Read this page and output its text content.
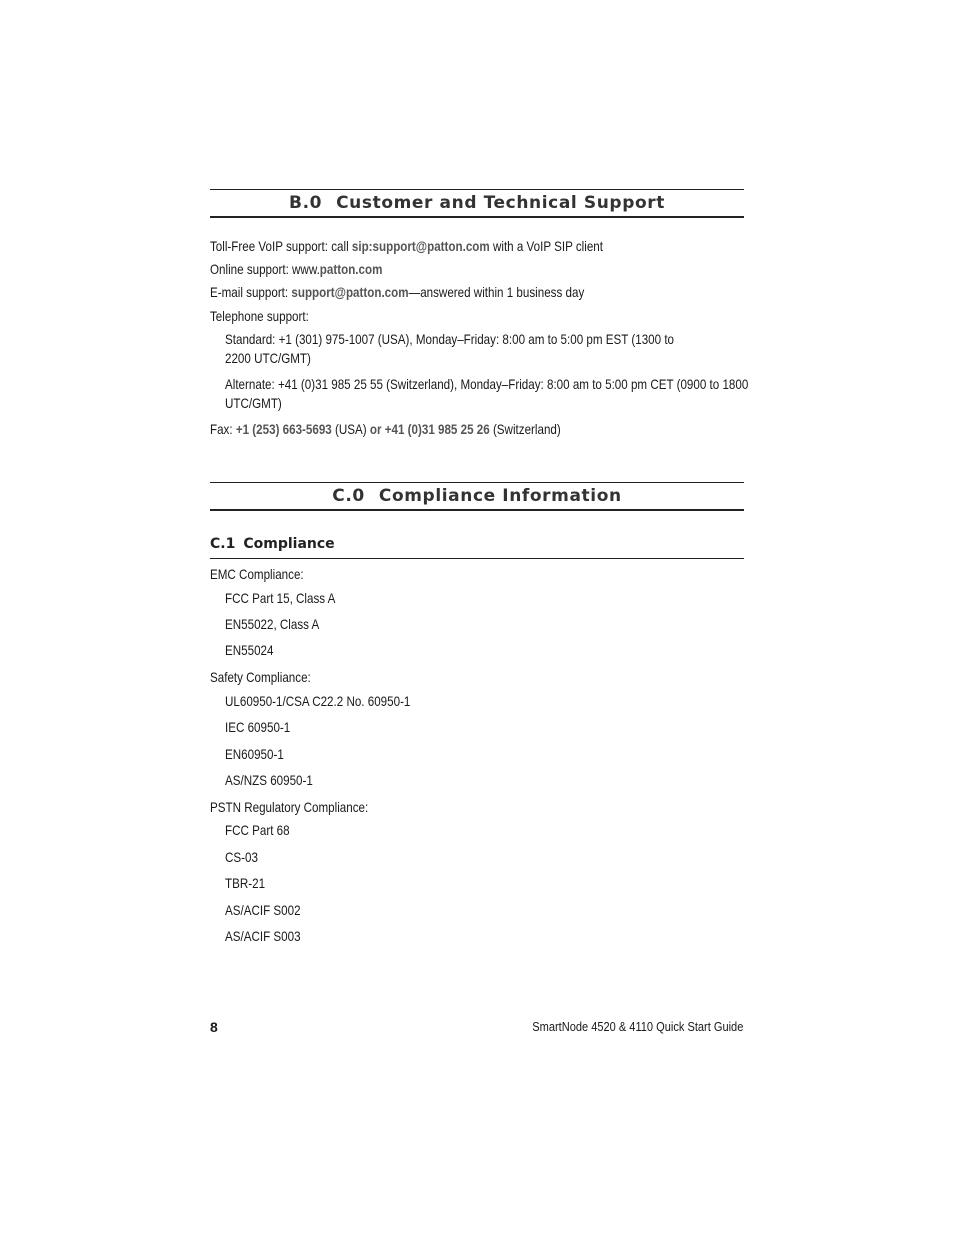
B.0 Customer and Technical Support
Toll-Free VoIP support: call sip:support@patton.com with a VoIP SIP client
Online support: www.patton.com
E-mail support: support@patton.com—answered within 1 business day
Telephone support:
Standard: +1 (301) 975-1007 (USA), Monday–Friday: 8:00 am to 5:00 pm EST (1300 to
2200 UTC/GMT)
Alternate: +41 (0)31 985 25 55 (Switzerland), Monday–Friday: 8:00 am to 5:00 pm CET (0900 to 1800
UTC/GMT)
Fax: +1 (253) 663-5693 (USA) or +41 (0)31 985 25 26 (Switzerland)
C.0 Compliance Information
C.1 Compliance
EMC Compliance:
FCC Part 15, Class A
EN55022, Class A
EN55024
Safety Compliance:
UL60950-1/CSA C22.2 No. 60950-1
IEC 60950-1
EN60950-1
AS/NZS 60950-1
PSTN Regulatory Compliance:
FCC Part 68
CS-03
TBR-21
AS/ACIF S002
AS/ACIF S003
8	SmartNode 4520 & 4110 Quick Start Guide
